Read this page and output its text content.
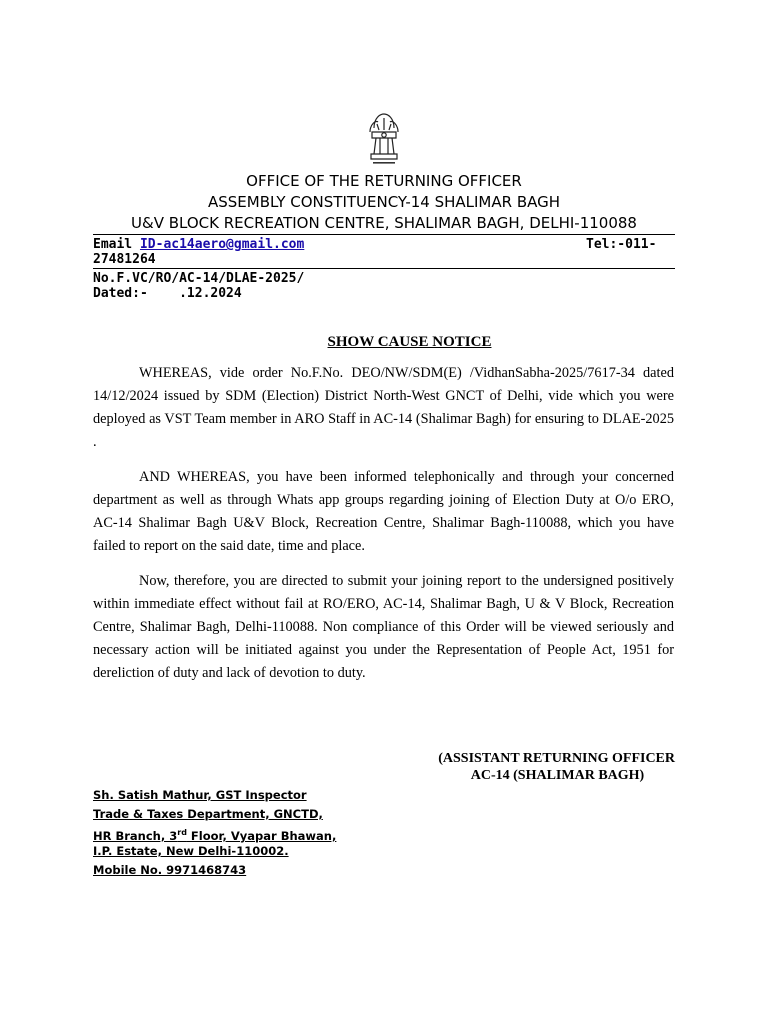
OFFICE OF THE RETURNING OFFICER
ASSEMBLY CONSTITUENCY-14 SHALIMAR BAGH
U&V BLOCK RECREATION CENTRE, SHALIMAR BAGH, DELHI-110088
Email ID-ac14aero@gmail.com	Tel:-011-
27481264
No.F.VC/RO/AC-14/DLAE-2025/
Dated:-    .12.2024
SHOW CAUSE NOTICE

WHEREAS, vide order No.F.No. DEO/NW/SDM(E) /VidhanSabha-2025/7617-34 dated 14/12/2024 issued by SDM (Election) District North-West GNCT of Delhi, vide which you were deployed as VST Team member in ARO Staff in AC-14 (Shalimar Bagh) for ensuring to DLAE-2025 .

AND WHEREAS, you have been informed telephonically and through your concerned department as well as through Whats app groups regarding joining of Election Duty at O/o ERO, AC-14 Shalimar Bagh U&V Block, Recreation Centre, Shalimar Bagh-110088, which you have failed to report on the said date, time and place.

Now, therefore, you are directed to submit your joining report to the undersigned positively within immediate effect without fail at RO/ERO, AC-14, Shalimar Bagh, U & V Block, Recreation Centre, Shalimar Bagh, Delhi-110088. Non compliance of this Order will be viewed seriously and necessary action will be initiated against you under the Representation of People Act, 1951 for dereliction of duty and lack of devotion to duty.

(ASSISTANT RETURNING OFFICER
AC-14 (SHALIMAR BAGH)
Sh. Satish Mathur, GST Inspector
Trade & Taxes Department, GNCTD,
HR Branch, 3rd Floor, Vyapar Bhawan,
I.P. Estate, New Delhi-110002.
Mobile No. 9971468743
